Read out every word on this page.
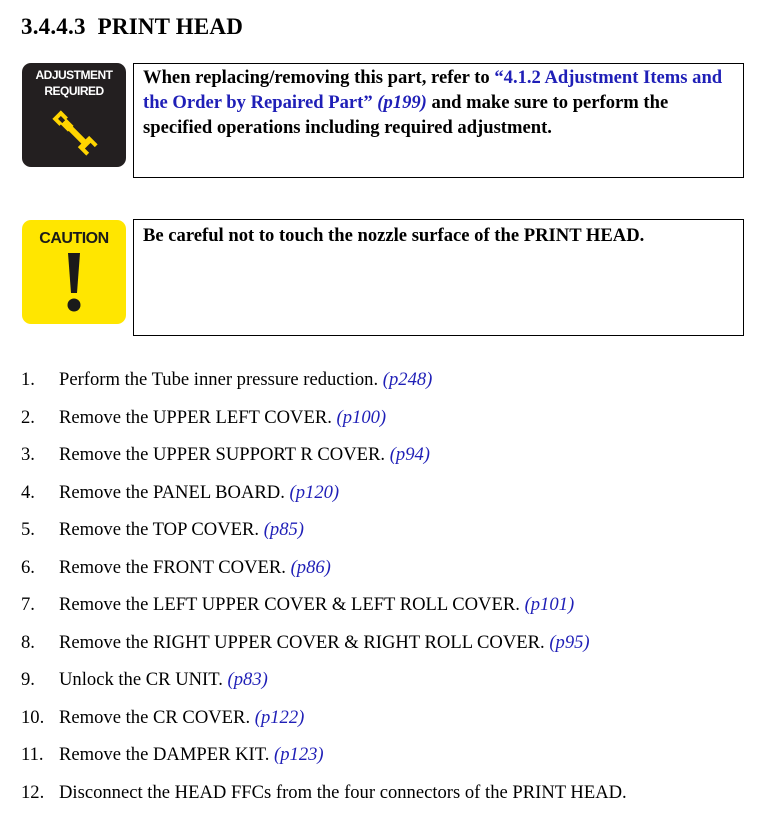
3.4.4.3 PRINT HEAD
ADJUSTMENT
REQUIRED
When replacing/removing this part, refer to “4.1.2 Adjustment Items and the Order by Repaired Part” (p199) and make sure to perform the specified operations including required adjustment.
CAUTION	Be careful not to touch the nozzle surface of the PRINT HEAD.
1. Perform the Tube inner pressure reduction. (p248)
2. Remove the UPPER LEFT COVER. (p100)
3. Remove the UPPER SUPPORT R COVER. (p94)
4. Remove the PANEL BOARD. (p120)
5. Remove the TOP COVER. (p85)
6. Remove the FRONT COVER. (p86)
7. Remove the LEFT UPPER COVER & LEFT ROLL COVER. (p101)
8. Remove the RIGHT UPPER COVER & RIGHT ROLL COVER. (p95)
9. Unlock the CR UNIT. (p83)
10. Remove the CR COVER. (p122)
11. Remove the DAMPER KIT. (p123)
12. Disconnect the HEAD FFCs from the four connectors of the PRINT HEAD.
